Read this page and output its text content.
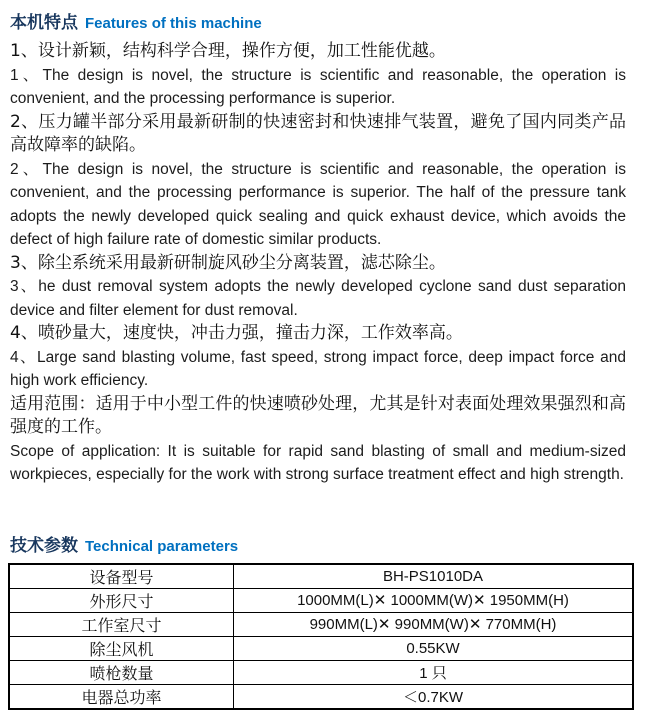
本机特点 Features of this machine

1、设计新颖，结构科学合理，操作方便，加工性能优越。

1、The design is novel, the structure is scientific and reasonable, the operation is convenient, and the processing performance is superior.

2、压力罐半部分采用最新研制的快速密封和快速排气装置，避免了国内同类产品高故障率的缺陷。

2、The design is novel, the structure is scientific and reasonable, the operation is convenient, and the processing performance is superior. The half of the pressure tank adopts the newly developed quick sealing and quick exhaust device, which avoids the defect of high failure rate of domestic similar products.

3、除尘系统采用最新研制旋风砂尘分离装置，滤芯除尘。

3、he dust removal system adopts the newly developed cyclone sand dust separation device and filter element for dust removal.

4、喷砂量大，速度快，冲击力强，撞击力深，工作效率高。

4、Large sand blasting volume, fast speed, strong impact force, deep impact force and high work efficiency.

适用范围：适用于中小型工件的快速喷砂处理，尤其是针对表面处理效果强烈和高强度的工作。

Scope of application: It is suitable for rapid sand blasting of small and medium-sized workpieces, especially for the work with strong surface treatment effect and high strength.

技术参数 Technical parameters
设备型号	BH-PS1010DA
外形尺寸	1000MM(L)✕ 1000MM(W)✕ 1950MM(H)
工作室尺寸	990MM(L)✕ 990MM(W)✕ 770MM(H)
除尘风机	0.55KW
喷枪数量	1 只
电器总功率	＜0.7KW
